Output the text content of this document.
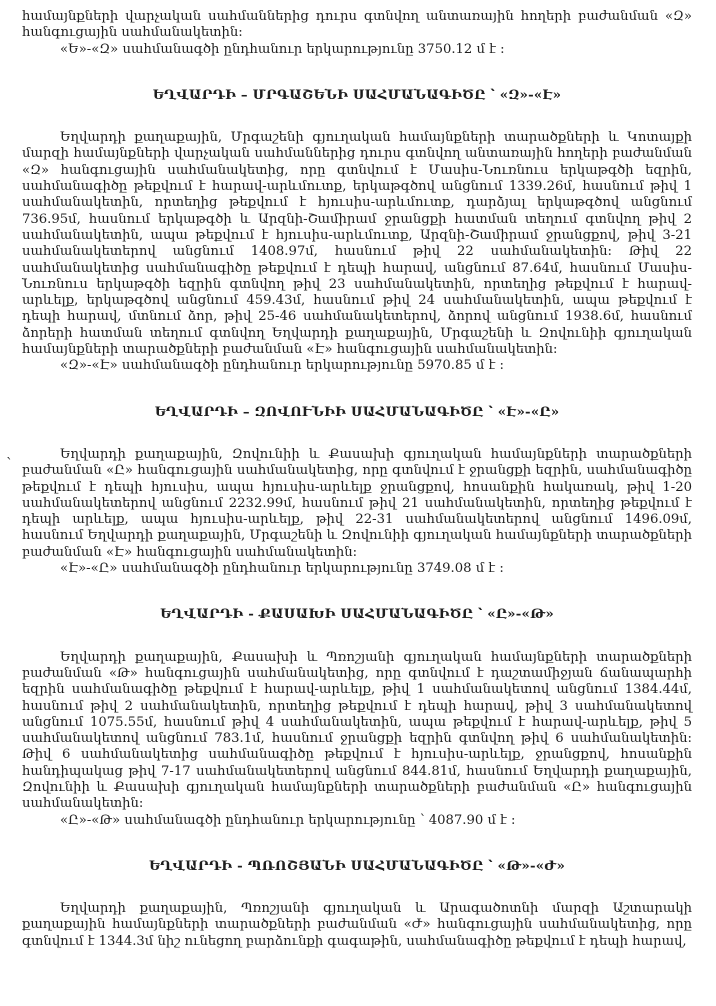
`

համայնքների վարչական սահմաններից դուրս գտնվող անտառային հողերի բաժանման «Զ» հանգուցային սահմանակետին:

«Ե»-«Զ» սահմանագծի ընդհանուր երկարությունը 3750.12 մ է :

ԵՂՎԱՐԴԻ – ՄՐԳԱՇԵՆԻ ՍԱՀՄԱՆԱԳԻԾԸ ՝ «Զ»-«Է»

Եղվարդի քաղաքային, Մրգաշենի գյուղական համայնքների տարածքների և Կոտայքի մարզի համայնքների վարչական սահմաններից դուրս գտնվող անտառային հողերի բաժանման «Զ» հանգուցային սահմանակետից, որը գտնվում է Մասիս-Նուռնուս երկաթգծի եզրին, սահմանագիծը թեքվում է հարավ-արևմուտք, երկաթգծով անցնում 1339.26մ, հասնում թիվ 1 սահմանակետին, որտեղից թեքվում է հյուսիս-արևմուտք, դարձյալ երկաթգծով անցնում 736.95մ, հասնում երկաթգծի և Արզնի-Շամիրամ ջրանցքի հատման տեղում գտնվող թիվ 2 սահմանակետին, ապա թեքվում է հյուսիս-արևմուտք, Արզնի-Շամիրամ ջրանցքով, թիվ 3-21 սահմանակետերով անցնում 1408.97մ, հասնում թիվ 22 սահմանակետին: Թիվ 22 սահմանակետից սահմանագիծը թեքվում է դեպի հարավ, անցնում 87.64մ, հասնում Մասիս-Նուռնուս երկաթգծի եզրին գտնվող թիվ 23 սահմանակետին, որտեղից թեքվում է հարավ-արևելք, երկաթգծով անցնում 459.43մ, հասնում թիվ 24 սահմանակետին, ապա թեքվում է դեպի հարավ, մտնում ձոր, թիվ 25-46 սահմանակետերով, ձորով անցնում 1938.6մ, հասնում ձորերի հատման տեղում գտնվող Եղվարդի քաղաքային, Մրգաշենի և Զովունիի գյուղական համայնքների տարածքների բաժանման «Է» հանգուցային սահմանակետին:

«Զ»-«Է» սահմանագծի ընդհանուր երկարությունը 5970.85 մ է :

ԵՂՎԱՐԴԻ – ԶՈՎՈՒՆԻԻ ՍԱՀՄԱՆԱԳԻԾԸ ՝ «Է»-«Ը»

Եղվարդի քաղաքային, Զովունիի և Քասախի գյուղական համայնքների տարածքների բաժանման «Ը» հանգուցային սահմանակետից, որը գտնվում է ջրանցքի եզրին, սահմանագիծը թեքվում է դեպի հյուսիս, ապա հյուսիս-արևելք ջրանցքով, հոսանքին հակառակ, թիվ 1-20 սահմանակետերով անցնում 2232.99մ, հասնում թիվ 21 սահմանակետին, որտեղից թեքվում է դեպի արևելք, ապա հյուսիս-արևելք, թիվ 22-31 սահմանակետերով անցնում 1496.09մ, հասնում Եղվարդի քաղաքային, Մրգաշենի և Զովունիի գյուղական համայնքների տարածքների բաժանման «Է» հանգուցային սահմանակետին:

«Է»-«Ը» սահմանագծի ընդհանուր երկարությունը 3749.08 մ է :

ԵՂՎԱՐԴԻ - ՔԱՍԱԽԻ ՍԱՀՄԱՆԱԳԻԾԸ ՝ «Ը»-«Թ»

Եղվարդի քաղաքային, Քասախի և Պռոշյանի գյուղական համայնքների տարածքների բաժանման «Թ» հանգուցային սահմանակետից, որը գտնվում է դաշտամիջյան ճանապարհի եզրին սահմանագիծը թեքվում է հարավ-արևելք, թիվ 1 սահմանակետով անցնում 1384.44մ, հասնում թիվ 2 սահմանակետին, որտեղից թեքվում է դեպի հարավ, թիվ 3 սահմանակետով անցնում 1075.55մ, հասնում թիվ 4 սահմանակետին, ապա թեքվում է հարավ-արևելք, թիվ 5 սահմանակետով անցնում 783.1մ, հասնում ջրանցքի եզրին գտնվող թիվ 6 սահմանակետին: Թիվ 6 սահմանակետից սահմանագիծը թեքվում է հյուսիս-արևելք, ջրանցքով, հոսանքին հանդիպակաց թիվ 7-17 սահմանակետերով անցնում 844.81մ, հասնում Եղվարդի քաղաքային, Զովունիի և Քասախի գյուղական համայնքների տարածքների բաժանման «Ը» հանգուցային սահմանակետին:

«Ը»-«Թ» սահմանագծի ընդհանուր երկարությունը ՝ 4087.90 մ է :

ԵՂՎԱՐԴԻ - ՊՌՈՇՅԱՆԻ ՍԱՀՄԱՆԱԳԻԾԸ ՝ «Թ»-«Ժ»

Եղվարդի քաղաքային, Պռոշյանի գյուղական և Արագածոտնի մարզի Աշտարակի քաղաքային համայնքների տարածքների բաժանման «Ժ» հանգուցային սահմանակետից, որը գտնվում է 1344.3մ նիշ ունեցող բարձունքի գագաթին, սահմանագիծը թեքվում է դեպի հարավ,
